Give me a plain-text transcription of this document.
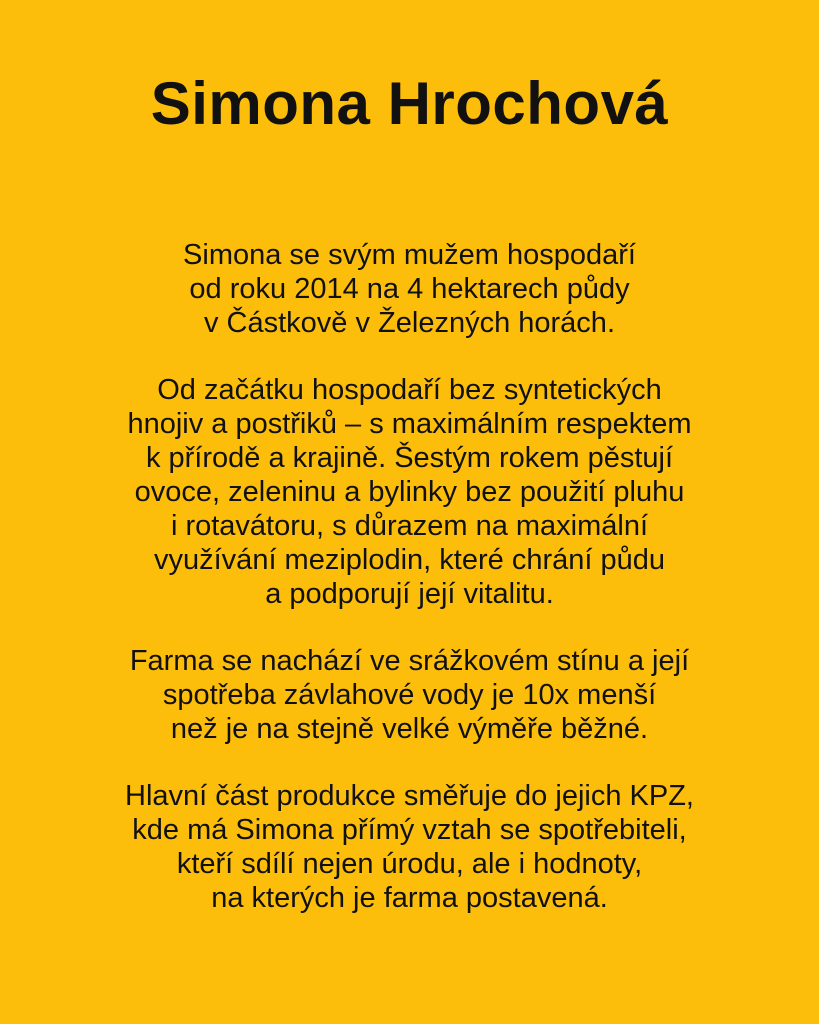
Simona Hrochová

Simona se svým mužem hospodaří
od roku 2014 na 4 hektarech půdy
v Částkově v Železných horách.

Od začátku hospodaří bez syntetických
hnojiv a postřiků – s maximálním respektem
k přírodě a krajině. Šestým rokem pěstují
ovoce, zeleninu a bylinky bez použití pluhu
i rotavátoru, s důrazem na maximální
využívání meziplodin, které chrání půdu
a podporují její vitalitu.

Farma se nachází ve srážkovém stínu a její
spotřeba závlahové vody je 10x menší
než je na stejně velké výměře běžné.

Hlavní část produkce směřuje do jejich KPZ,
kde má Simona přímý vztah se spotřebiteli,
kteří sdílí nejen úrodu, ale i hodnoty,
na kterých je farma postavená.
